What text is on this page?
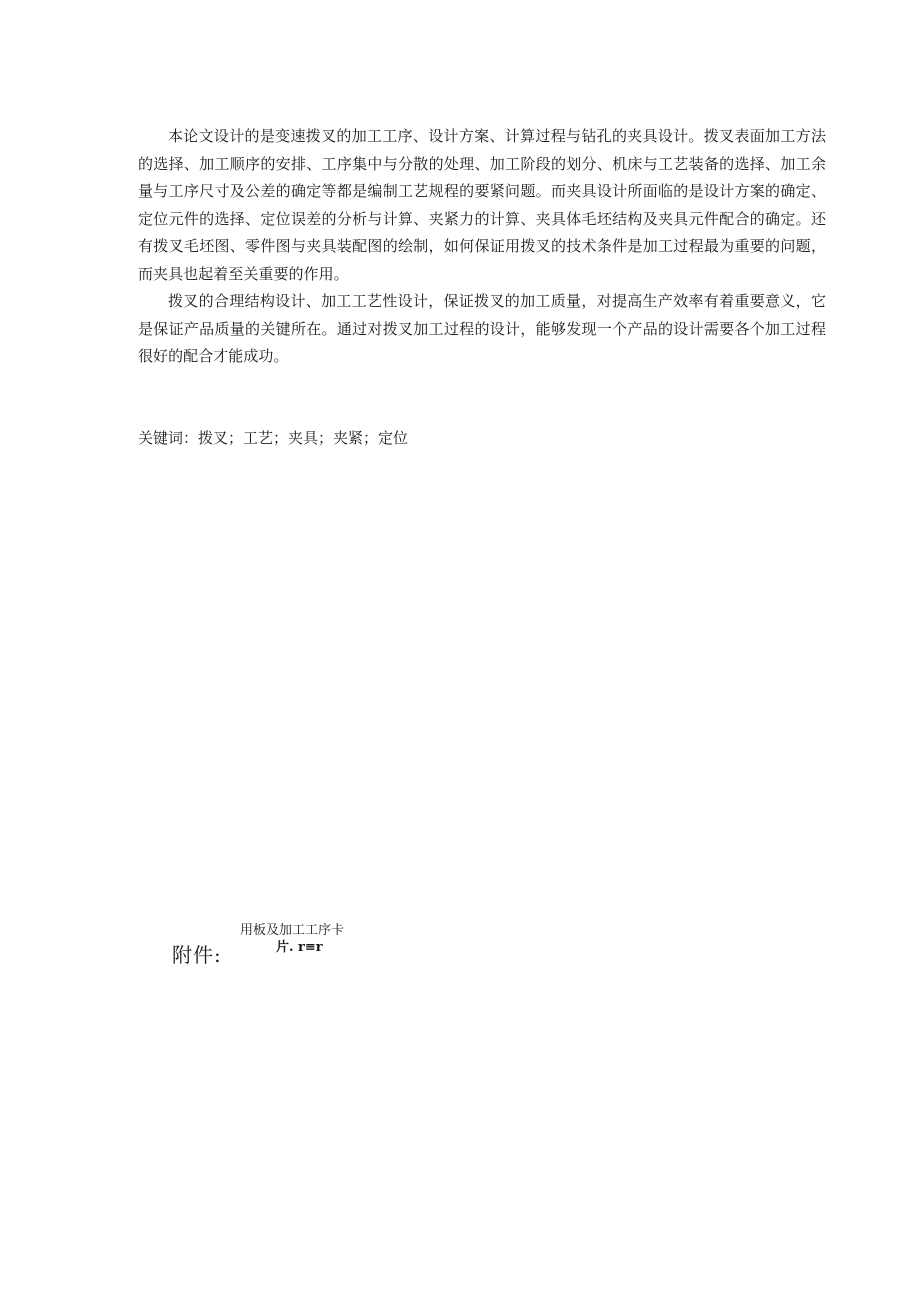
本论文设计的是变速拨叉的加工工序、设计方案、计算过程与钻孔的夹具设计。拨叉表面加工方法的选择、加工顺序的安排、工序集中与分散的处理、加工阶段的划分、机床与工艺装备的选择、加工余量与工序尺寸及公差的确定等都是编制工艺规程的要紧问题。而夹具设计所面临的是设计方案的确定、定位元件的选择、定位误差的分析与计算、夹紧力的计算、夹具体毛坯结构及夹具元件配合的确定。还有拨叉毛坯图、零件图与夹具装配图的绘制，如何保证用拨叉的技术条件是加工过程最为重要的问题，而夹具也起着至关重要的作用。

拨叉的合理结构设计、加工工艺性设计，保证拨叉的加工质量，对提高生产效率有着重要意义，它是保证产品质量的关键所在。通过对拨叉加工过程的设计，能够发现一个产品的设计需要各个加工过程很好的配合才能成功。

关键词：拨叉；工艺；夹具；夹紧；定位

附件:

用板及加工工序卡
片. r≡r
